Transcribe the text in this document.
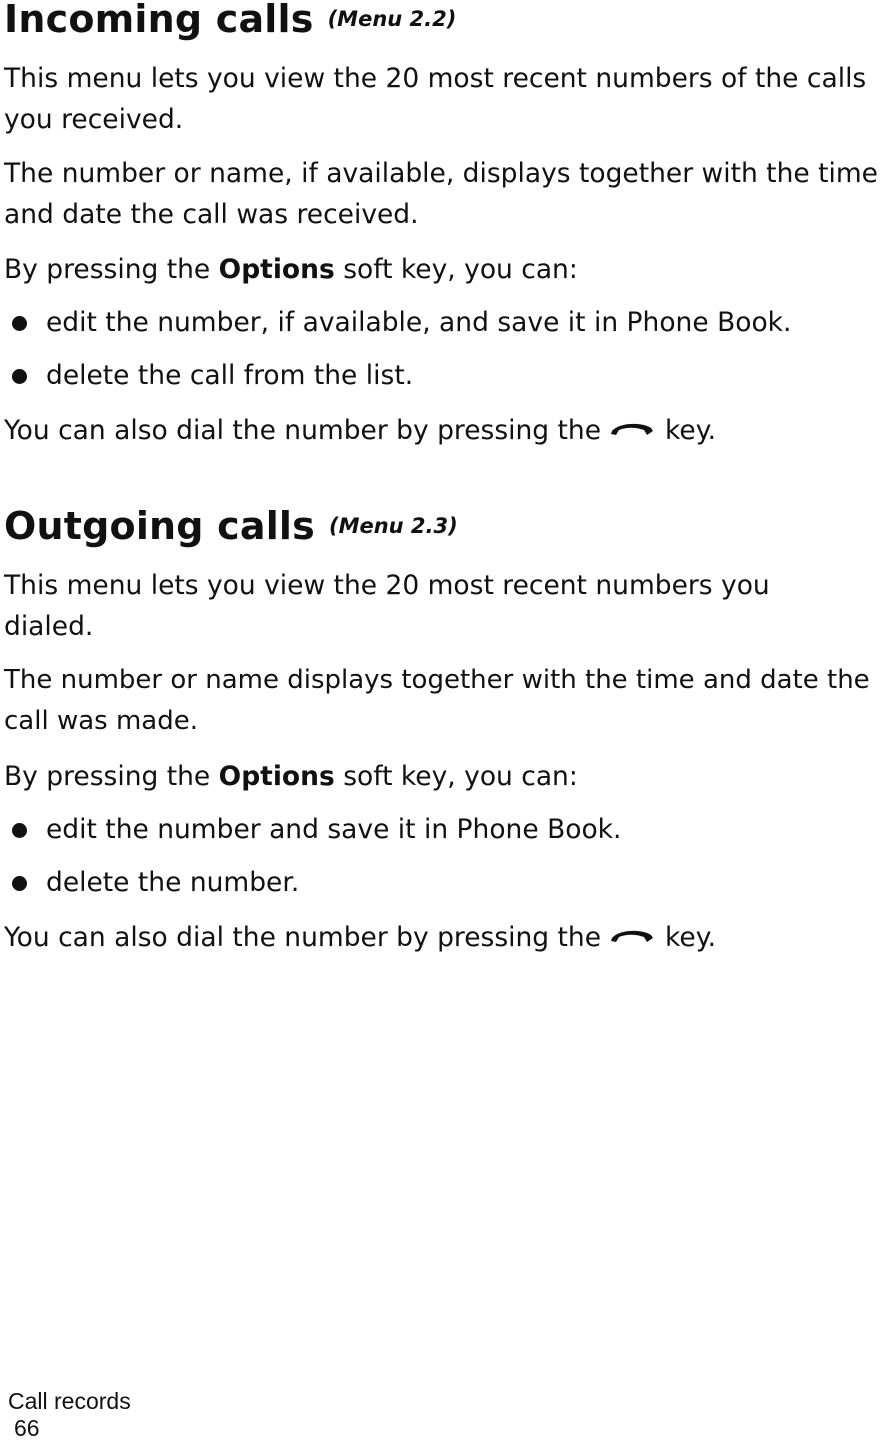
Incoming calls (Menu 2.2)

This menu lets you view the 20 most recent numbers of the calls you received.

The number or name, if available, displays together with the time and date the call was received.

By pressing the Options soft key, you can:

edit the number, if available, and save it in Phone Book.
delete the call from the list.

You can also dial the number by pressing the key.

Outgoing calls (Menu 2.3)

This menu lets you view the 20 most recent numbers you dialed.

The number or name displays together with the time and date the call was made.

By pressing the Options soft key, you can:

edit the number and save it in Phone Book.
delete the number.

You can also dial the number by pressing the key.

Call records
66
